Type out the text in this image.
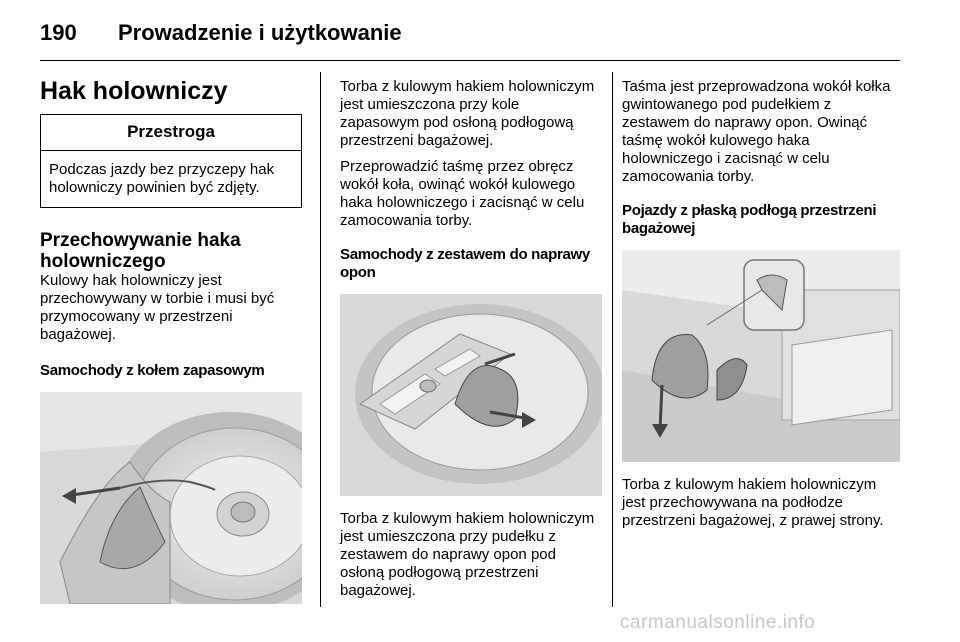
190 Prowadzenie i użytkowanie
Hak holowniczy
Przestroga
Podczas jazdy bez przyczepy hak holowniczy powinien być zdjęty.
Przechowywanie haka holowniczego
Kulowy hak holowniczy jest przechowywany w torbie i musi być przymocowany w przestrzeni bagażowej.
Samochody z kołem zapasowym
Torba z kulowym hakiem holowniczym jest umieszczona przy kole zapasowym pod osłoną podłogową przestrzeni bagażowej.
Przeprowadzić taśmę przez obręcz wokół koła, owinąć wokół kulowego haka holowniczego i zacisnąć w celu zamocowania torby.
Samochody z zestawem do naprawy opon
Torba z kulowym hakiem holowniczym jest umieszczona przy pudełku z zestawem do naprawy opon pod osłoną podłogową przestrzeni bagażowej.
Taśma jest przeprowadzona wokół kołka gwintowanego pod pudełkiem z zestawem do naprawy opon. Owinąć taśmę wokół kulowego haka holowniczego i zacisnąć w celu zamocowania torby.
Pojazdy z płaską podłogą przestrzeni bagażowej
Torba z kulowym hakiem holowniczym jest przechowywana na podłodze przestrzeni bagażowej, z prawej strony.
carmanualsonline.info
